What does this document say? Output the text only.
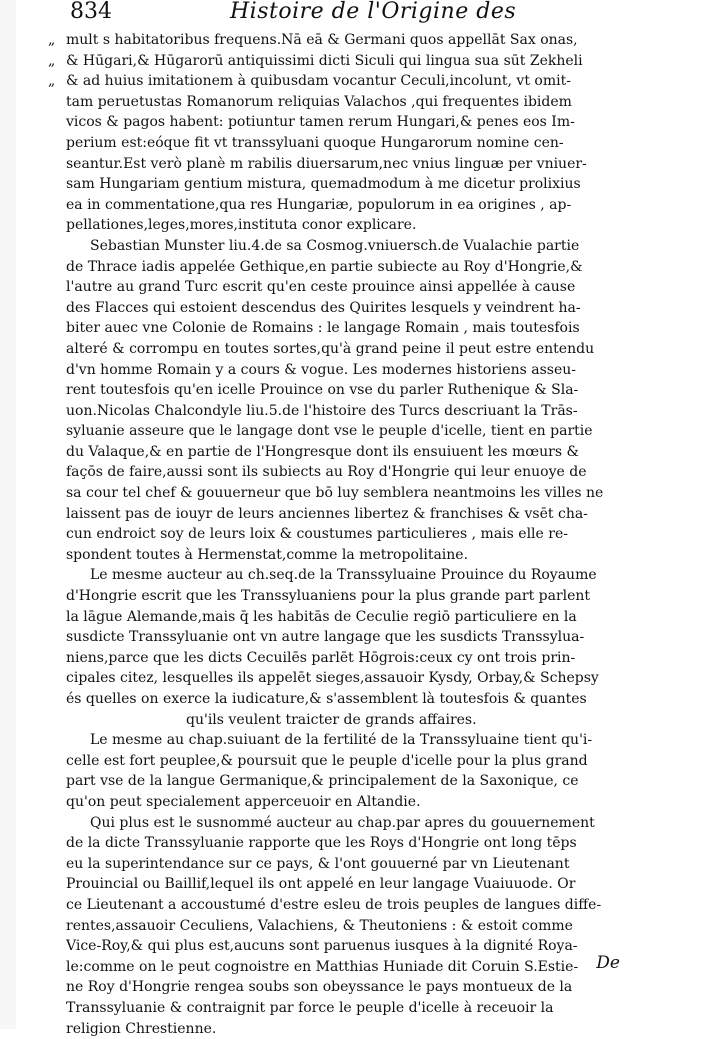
834	Histoire de l'Origine des
„ mult s habitatoribus frequens.Nā eā & Germani quos appellāt Sax onas,
„ & Hūgari,& Hūgarorū antiquissimi dicti Siculi qui lingua sua sūt Zekheli
„ & ad huius imitationem à quibusdam vocantur Ceculi,incolunt, vt omit-
tam peruetustas Romanorum reliquias Valachos ,qui frequentes ibidem
vicos & pagos habent: potiuntur tamen rerum Hungari,& penes eos Im-
perium est:eóque fit vt transsyluani quoque Hungarorum nomine cen-
seantur.Est verò planè m rabilis diuersarum,nec vnius linguæ per vniuer-
sam Hungariam gentium mistura, quemadmodum à me dicetur prolixius
ea in commentatione,qua res Hungariæ, populorum in ea origines , ap-
pellationes,leges,mores,instituta conor explicare.
Sebastian Munster liu.4.de sa Cosmog.vniuersch.de Vualachie partie
de Thrace iadis appelée Gethique,en partie subiecte au Roy d'Hongrie,&
l'autre au grand Turc escrit qu'en ceste prouince ainsi appellée à cause
des Flacces qui estoient descendus des Quirites lesquels y veindrent ha-
biter auec vne Colonie de Romains : le langage Romain , mais toutesfois
alteré & corrompu en toutes sortes,qu'à grand peine il peut estre entendu
d'vn homme Romain y a cours & vogue. Les modernes historiens asseu-
rent toutesfois qu'en icelle Prouince on vse du parler Ruthenique & Sla-
uon.Nicolas Chalcondyle liu.5.de l'histoire des Turcs descriuant la Trās-
syluanie asseure que le langage dont vse le peuple d'icelle, tient en partie
du Valaque,& en partie de l'Hongresque dont ils ensuiuent les mœurs &
façōs de faire,aussi sont ils subiects au Roy d'Hongrie qui leur enuoye de
sa cour tel chef & gouuerneur que bō luy semblera neantmoins les villes ne
laissent pas de iouyr de leurs anciennes libertez & franchises & vsēt cha-
cun endroict soy de leurs loix & coustumes particulieres , mais elle re-
spondent toutes à Hermenstat,comme la metropolitaine.
Le mesme aucteur au ch.seq.de la Transsyluaine Prouince du Royaume
d'Hongrie escrit que les Transsyluaniens pour la plus grande part parlent
la lāgue Alemande,mais q̄ les habitās de Ceculie regiō particuliere en la
susdicte Transsyluanie ont vn autre langage que les susdicts Transsylua-
niens,parce que les dicts Cecuilēs parlēt Hōgrois:ceux cy ont trois prin-
cipales citez, lesquelles ils appelēt sieges,assauoir Kysdy, Orbay,& Schepsy
és quelles on exerce la iudicature,& s'assemblent là toutesfois & quantes
qu'ils veulent traicter de grands affaires.
Le mesme au chap.suiuant de la fertilité de la Transsyluaine tient qu'i-
celle est fort peuplee,& poursuit que le peuple d'icelle pour la plus grand
part vse de la langue Germanique,& principalement de la Saxonique, ce
qu'on peut specialement apperceuoir en Altandie.
Qui plus est le susnommé aucteur au chap.par apres du gouuernement
de la dicte Transsyluanie rapporte que les Roys d'Hongrie ont long tēps
eu la superintendance sur ce pays, & l'ont gouuerné par vn Lieutenant
Prouincial ou Baillif,lequel ils ont appelé en leur langage Vuaiuuode. Or
ce Lieutenant a accoustumé d'estre esleu de trois peuples de langues diffe-
rentes,assauoir Ceculiens, Valachiens, & Theutoniens : & estoit comme
Vice-Roy,& qui plus est,aucuns sont paruenus iusques à la dignité Roya-
le:comme on le peut cognoistre en Matthias Huniade dit Coruin S.Estie-
ne Roy d'Hongrie rengea soubs son obeyssance le pays montueux de la
Transsyluanie & contraignit par force le peuple d'icelle à receuoir la
religion Chrestienne.
De
